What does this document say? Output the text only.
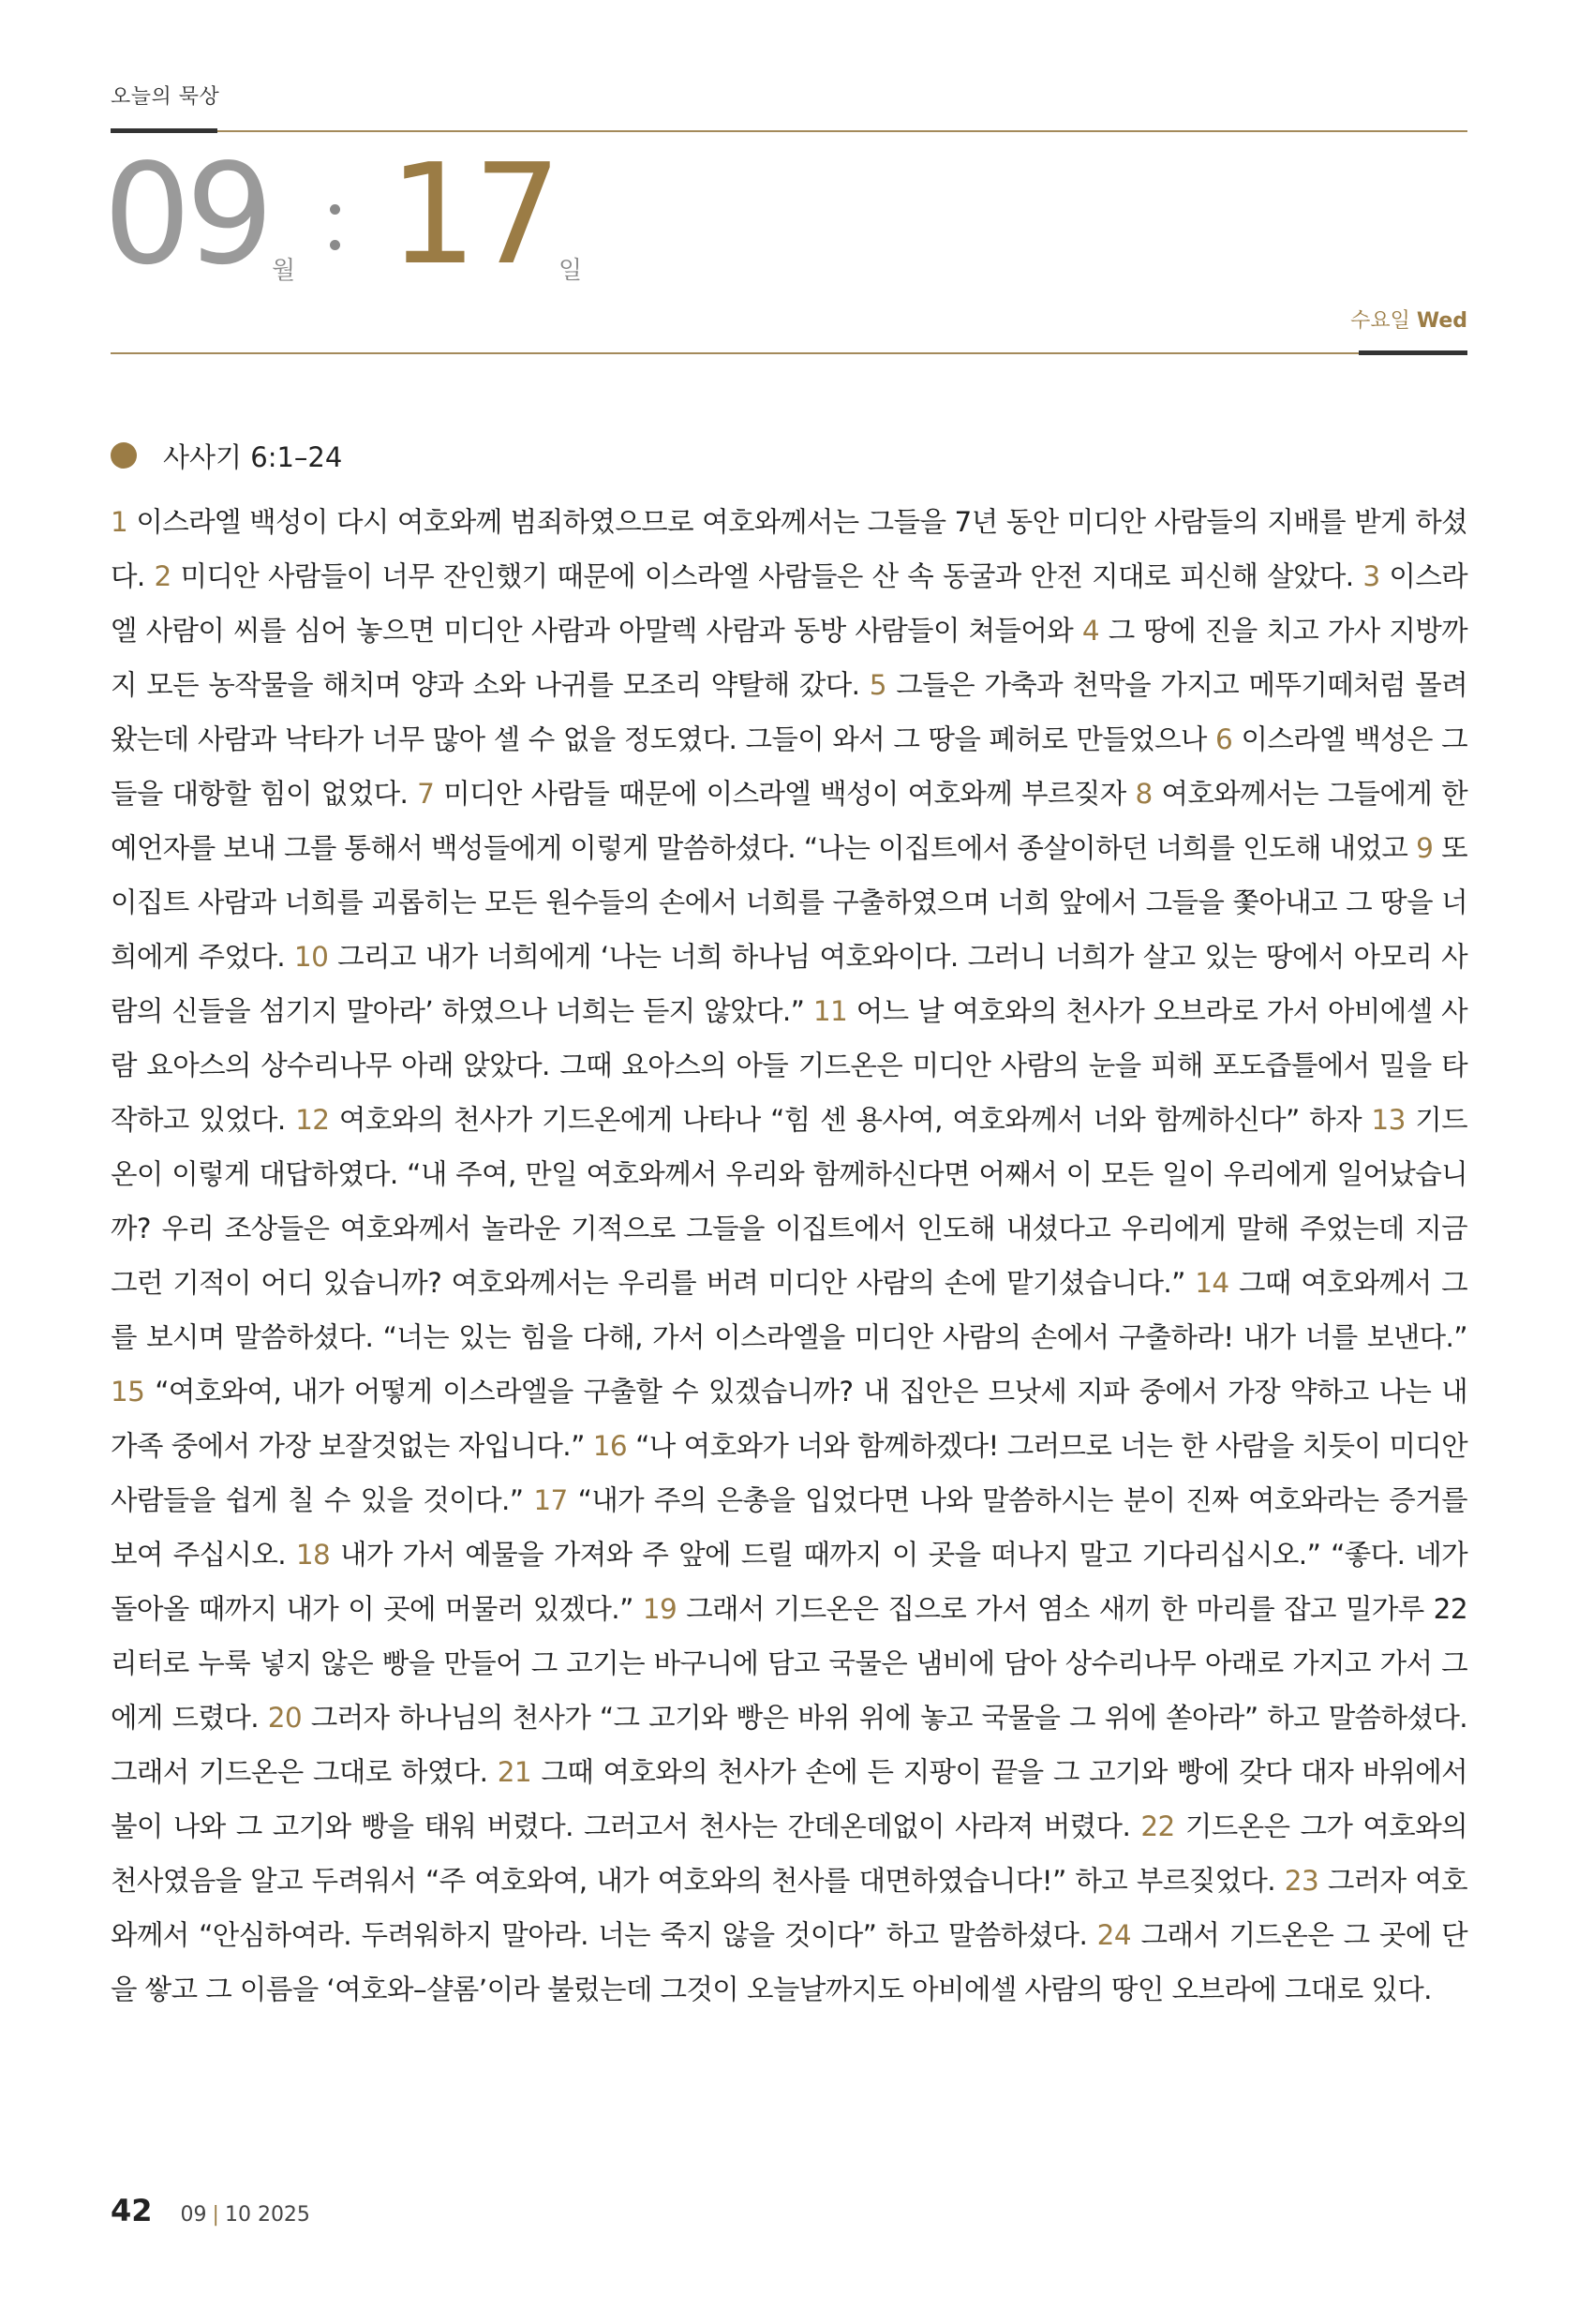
오늘의 묵상
09 월 17 일
수요일 Wed
사사기 6:1–24

1 이스라엘 백성이 다시 여호와께 범죄하였으므로 여호와께서는 그들을 7년 동안 미디안 사람들의 지배를 받게 하셨다. 2 미디안 사람들이 너무 잔인했기 때문에 이스라엘 사람들은 산 속 동굴과 안전 지대로 피신해 살았다. 3 이스라엘 사람이 씨를 심어 놓으면 미디안 사람과 아말렉 사람과 동방 사람들이 쳐들어와 4 그 땅에 진을 치고 가사 지방까지 모든 농작물을 해치며 양과 소와 나귀를 모조리 약탈해 갔다. 5 그들은 가축과 천막을 가지고 메뚜기떼처럼 몰려왔는데 사람과 낙타가 너무 많아 셀 수 없을 정도였다. 그들이 와서 그 땅을 폐허로 만들었으나 6 이스라엘 백성은 그들을 대항할 힘이 없었다. 7 미디안 사람들 때문에 이스라엘 백성이 여호와께 부르짖자 8 여호와께서는 그들에게 한 예언자를 보내 그를 통해서 백성들에게 이렇게 말씀하셨다. “나는 이집트에서 종살이하던 너희를 인도해 내었고 9 또 이집트 사람과 너희를 괴롭히는 모든 원수들의 손에서 너희를 구출하였으며 너희 앞에서 그들을 쫓아내고 그 땅을 너희에게 주었다. 10 그리고 내가 너희에게 ‘나는 너희 하나님 여호와이다. 그러니 너희가 살고 있는 땅에서 아모리 사람의 신들을 섬기지 말아라’ 하였으나 너희는 듣지 않았다.” 11 어느 날 여호와의 천사가 오브라로 가서 아비에셀 사람 요아스의 상수리나무 아래 앉았다. 그때 요아스의 아들 기드온은 미디안 사람의 눈을 피해 포도즙틀에서 밀을 타작하고 있었다. 12 여호와의 천사가 기드온에게 나타나 “힘 센 용사여, 여호와께서 너와 함께하신다” 하자 13 기드온이 이렇게 대답하였다. “내 주여, 만일 여호와께서 우리와 함께하신다면 어째서 이 모든 일이 우리에게 일어났습니까? 우리 조상들은 여호와께서 놀라운 기적으로 그들을 이집트에서 인도해 내셨다고 우리에게 말해 주었는데 지금 그런 기적이 어디 있습니까? 여호와께서는 우리를 버려 미디안 사람의 손에 맡기셨습니다.” 14 그때 여호와께서 그를 보시며 말씀하셨다. “너는 있는 힘을 다해, 가서 이스라엘을 미디안 사람의 손에서 구출하라! 내가 너를 보낸다.” 15 “여호와여, 내가 어떻게 이스라엘을 구출할 수 있겠습니까? 내 집안은 므낫세 지파 중에서 가장 약하고 나는 내 가족 중에서 가장 보잘것없는 자입니다.” 16 “나 여호와가 너와 함께하겠다! 그러므로 너는 한 사람을 치듯이 미디안 사람들을 쉽게 칠 수 있을 것이다.” 17 “내가 주의 은총을 입었다면 나와 말씀하시는 분이 진짜 여호와라는 증거를 보여 주십시오. 18 내가 가서 예물을 가져와 주 앞에 드릴 때까지 이 곳을 떠나지 말고 기다리십시오.” “좋다. 네가 돌아올 때까지 내가 이 곳에 머물러 있겠다.” 19 그래서 기드온은 집으로 가서 염소 새끼 한 마리를 잡고 밀가루 22리터로 누룩 넣지 않은 빵을 만들어 그 고기는 바구니에 담고 국물은 냄비에 담아 상수리나무 아래로 가지고 가서 그에게 드렸다. 20 그러자 하나님의 천사가 “그 고기와 빵은 바위 위에 놓고 국물을 그 위에 쏟아라” 하고 말씀하셨다. 그래서 기드온은 그대로 하였다. 21 그때 여호와의 천사가 손에 든 지팡이 끝을 그 고기와 빵에 갖다 대자 바위에서 불이 나와 그 고기와 빵을 태워 버렸다. 그러고서 천사는 간데온데없이 사라져 버렸다. 22 기드온은 그가 여호와의 천사였음을 알고 두려워서 “주 여호와여, 내가 여호와의 천사를 대면하였습니다!” 하고 부르짖었다. 23 그러자 여호와께서 “안심하여라. 두려워하지 말아라. 너는 죽지 않을 것이다” 하고 말씀하셨다. 24 그래서 기드온은 그 곳에 단을 쌓고 그 이름을 ‘여호와–샬롬’이라 불렀는데 그것이 오늘날까지도 아비에셀 사람의 땅인 오브라에 그대로 있다.

42 09 | 10 2025
